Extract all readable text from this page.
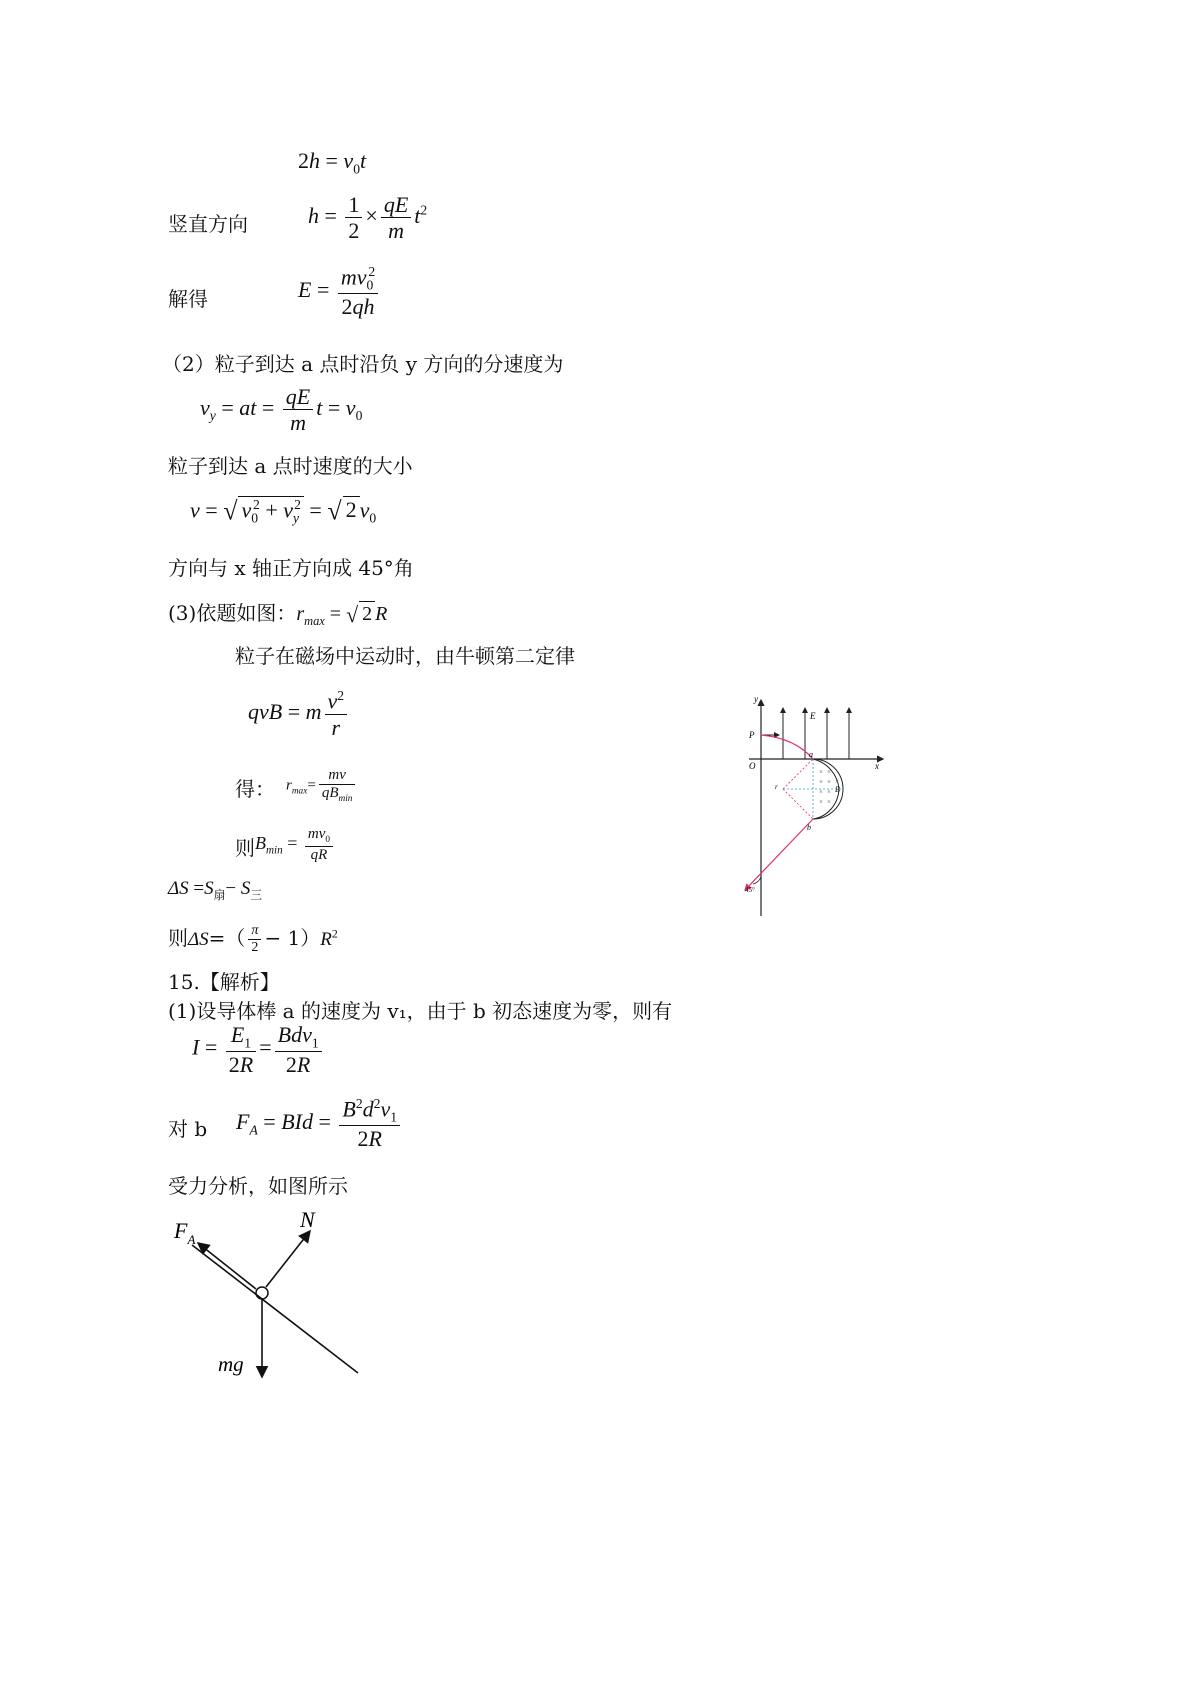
$2h = v_0t$
竖直方向	$h = \frac{1}{2} \times \frac{qE}{m} t^2$
解得	$E = \frac{mv_0^2}{2qh}$
（2）粒子到达 a 点时沿负 y 方向的分速度为
$v_y$ = at = $\frac{qE}{m}$ $t = v_0$
粒子到达 a 点时速度的大小
v = √ $v_0^2 + v_y^2$ = √ 2 $v_0$
方向与 x 轴正方向成 45°角
(3)依题如图：$r_{max}$ = √ 2 R
粒子在磁场中运动时，由牛顿第二定律
qvB = m $\frac{v^2}{r}$
得： $r_{max}= \frac{mv}{qB_{min}}$
则 $B_{min} = \frac{mv_0}{qR}$
$\Delta S =S_扇- S_三$
则$\Delta S=( \frac{\pi}{2} - 1)R^2$
15.【解析】
(1)设导体棒 a 的速度为 v₁，由于 b 初态速度为零，则有
$I = \frac{E_1}{2R} = \frac{Bdv_1}{2R}$
对 b $F_A$ = BId = $\frac{B^2d^2v_1}{2R}$
受力分析，如图所示
y
x
O
E
P
× ×
× × ×
× ×
× ×
B
r
a
b
45°
$F_A$
N
mg
